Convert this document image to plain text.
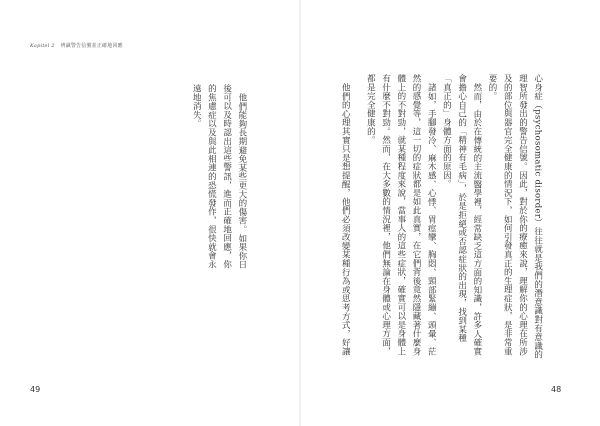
Kapitel 2 辨識警告信號並正確地回應

他們能夠長期避免某些更大的傷害。如果你日後可以及時認出這些警訊，進而正確地回應，你的焦慮症以及與此相連的恐慌發作，很快就會永遠地消失。	心身症（psychosomatic disorder）往往就是我們的潛意識對有意識的理智所發出的警告信號。因此，對於你的療癒來說，理解你的心理在所涉及的部位與器官完全健康的情況下，如何引發真正的生理症狀，是非常重要的。

然而，由於在傳統的主流醫學裡，經常缺乏這方面的知識，許多人確實會擔心自己的「精神有毛病」，於是拒絕或否認症狀的出現，找到某種「真正的」身體方面的原因。

諸如，手腳發冷、麻木感、心悸、胃痙攣、胸悶、頸部緊繃、頭暈、茫然的感覺等，這一切的症狀都是如此真實，在它們背後竟然隱藏著什麼身體上的不對勁，就某種程度來說，當事人的這些症狀，確實可以是身體上有什麼不對勁。然而，在大多數的情況裡，他們無論在身體或心理方面，都是完全健康的。

他們的心理其實只是想提醒，他們必須改變某種行為或思考方式，好讓

49	48
